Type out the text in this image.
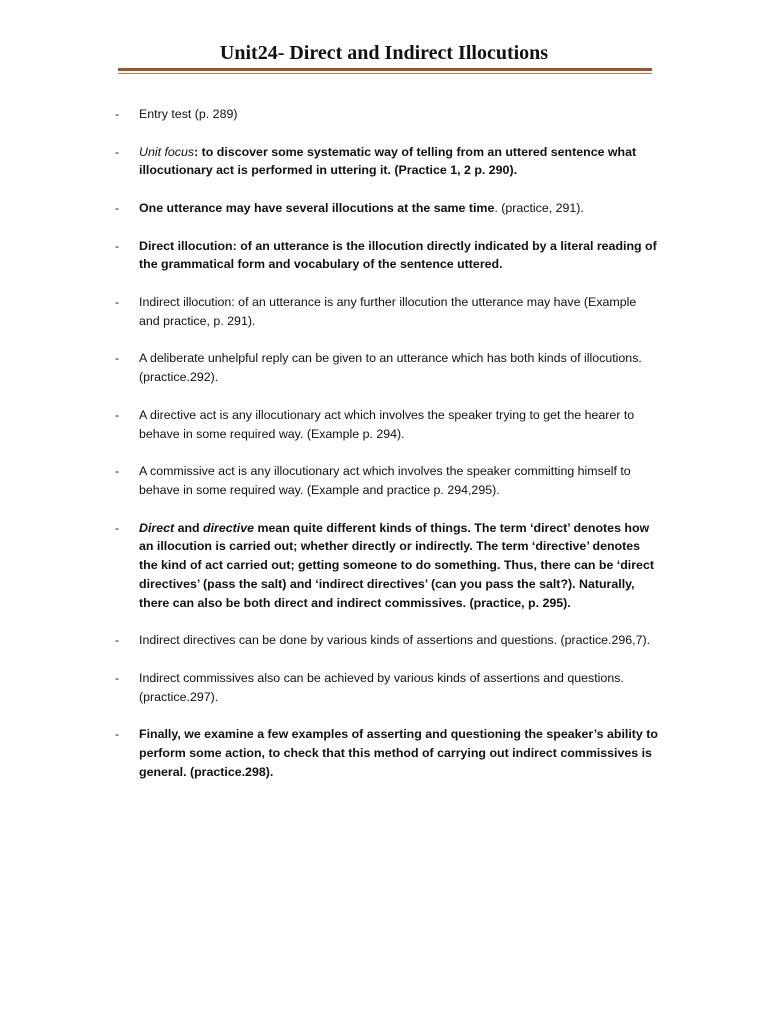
Unit24- Direct and Indirect Illocutions
- Entry test (p. 289)
- Unit focus: to discover some systematic way of telling from an uttered sentence what illocutionary act is performed in uttering it. (Practice 1, 2 p. 290).
- One utterance may have several illocutions at the same time. (practice, 291).
- Direct illocution: of an utterance is the illocution directly indicated by a literal reading of the grammatical form and vocabulary of the sentence uttered.
- Indirect illocution: of an utterance is any further illocution the utterance may have (Example and practice, p. 291).
- A deliberate unhelpful reply can be given to an utterance which has both kinds of illocutions. (practice.292).
- A directive act is any illocutionary act which involves the speaker trying to get the hearer to behave in some required way. (Example p. 294).
- A commissive act is any illocutionary act which involves the speaker committing himself to behave in some required way. (Example and practice p. 294,295).
- Direct and directive mean quite different kinds of things. The term ‘direct’ denotes how an illocution is carried out; whether directly or indirectly. The term ‘directive’ denotes the kind of act carried out; getting someone to do something. Thus, there can be ‘direct directives’ (pass the salt) and ‘indirect directives’ (can you pass the salt?). Naturally, there can also be both direct and indirect commissives. (practice, p. 295).
- Indirect directives can be done by various kinds of assertions and questions. (practice.296,7).
- Indirect commissives also can be achieved by various kinds of assertions and questions. (practice.297).
- Finally, we examine a few examples of asserting and questioning the speaker’s ability to perform some action, to check that this method of carrying out indirect commissives is general. (practice.298).
